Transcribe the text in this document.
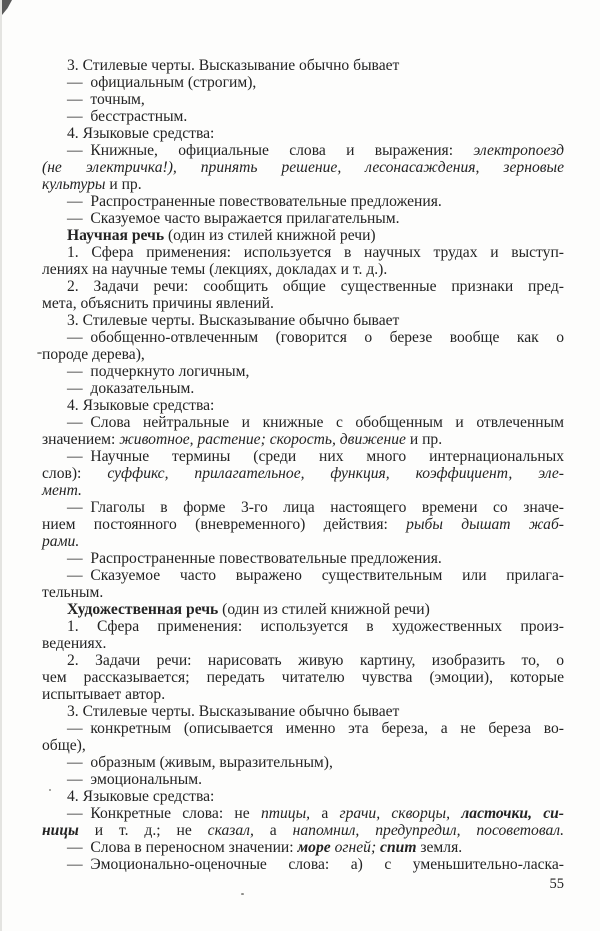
3. Стилевые черты. Высказывание обычно бывает
— официальным (строгим),
— точным,
— бесстрастным.
4. Языковые средства:
— Книжные, официальные слова и выражения: электропоезд
(не электричка!), принять решение, лесонасаждения, зерновые
культуры и пр.
— Распространенные повествовательные предложения.
— Сказуемое часто выражается прилагательным.
Научная речь (один из стилей книжной речи)
1. Сфера применения: используется в научных трудах и выступ-
лениях на научные темы (лекциях, докладах и т. д.).
2. Задачи речи: сообщить общие существенные признаки пред-
мета, объяснить причины явлений.
3. Стилевые черты. Высказывание обычно бывает
— обобщенно-отвлеченным (говорится о березе вообще как о
породе дерева),
— подчеркнуто логичным,
— доказательным.
4. Языковые средства:
— Слова нейтральные и книжные с обобщенным и отвлеченным
значением: животное, растение; скорость, движение и пр.
— Научные термины (среди них много интернациональных
слов): суффикс, прилагательное, функция, коэффициент, эле-
мент.
— Глаголы в форме 3-го лица настоящего времени со значе-
нием постоянного (вневременного) действия: рыбы дышат жаб-
рами.
— Распространенные повествовательные предложения.
— Сказуемое часто выражено существительным или прилага-
тельным.
Художественная речь (один из стилей книжной речи)
1. Сфера применения: используется в художественных произ-
ведениях.
2. Задачи речи: нарисовать живую картину, изобразить то, о
чем рассказывается; передать читателю чувства (эмоции), которые
испытывает автор.
3. Стилевые черты. Высказывание обычно бывает
— конкретным (описывается именно эта береза, а не береза во-
обще),
— образным (живым, выразительным),
— эмоциональным.
4. Языковые средства:
— Конкретные слова: не птицы, а грачи, скворцы, ласточки, си-
ницы и т. д.; не сказал, а напомнил, предупредил, посоветовал.
— Слова в переносном значении: море огней; спит земля.
— Эмоционально-оценочные слова: а) с уменьшительно-ласка-
55
